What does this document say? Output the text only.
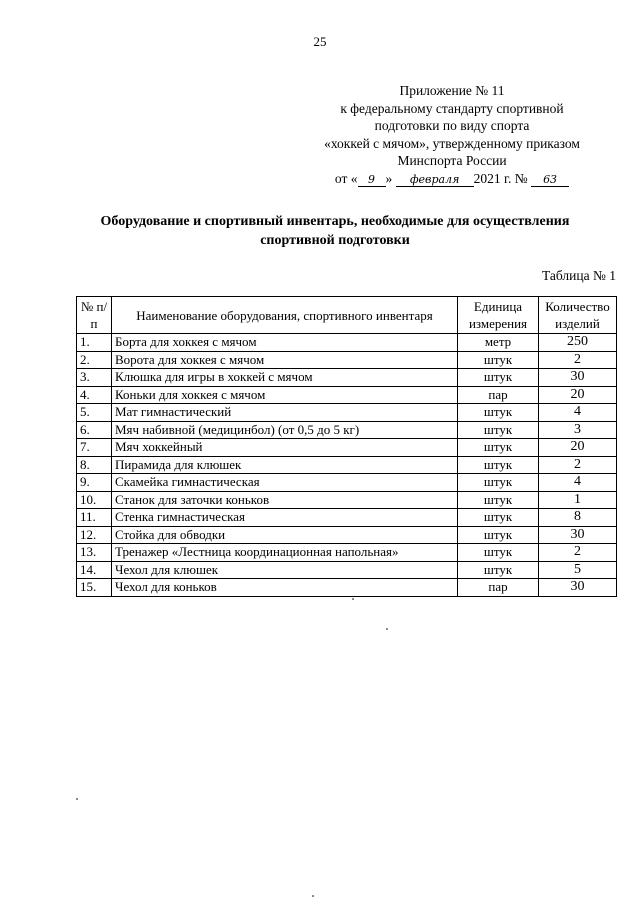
25
Приложение № 11
к федеральному стандарту спортивной
подготовки по виду спорта
«хоккей с мячом», утвержденному приказом
Минспорта России
от « 9 » февраля 2021 г. № 63
Оборудование и спортивный инвентарь, необходимые для осуществления
спортивной подготовки
Таблица № 1
№ п/п	Наименование оборудования, спортивного инвентаря	Единица измерения	Количество изделий
1.	Борта для хоккея с мячом	метр	250
2.	Ворота для хоккея с мячом	штук	2
3.	Клюшка для игры в хоккей с мячом	штук	30
4.	Коньки для хоккея с мячом	пар	20
5.	Мат гимнастический	штук	4
6.	Мяч набивной (медицинбол) (от 0,5 до 5 кг)	штук	3
7.	Мяч хоккейный	штук	20
8.	Пирамида для клюшек	штук	2
9.	Скамейка гимнастическая	штук	4
10.	Станок для заточки коньков	штук	1
11.	Стенка гимнастическая	штук	8
12.	Стойка для обводки	штук	30
13.	Тренажер «Лестница координационная напольная»	штук	2
14.	Чехол для клюшек	штук	5
15.	Чехол для коньков	пар	30
